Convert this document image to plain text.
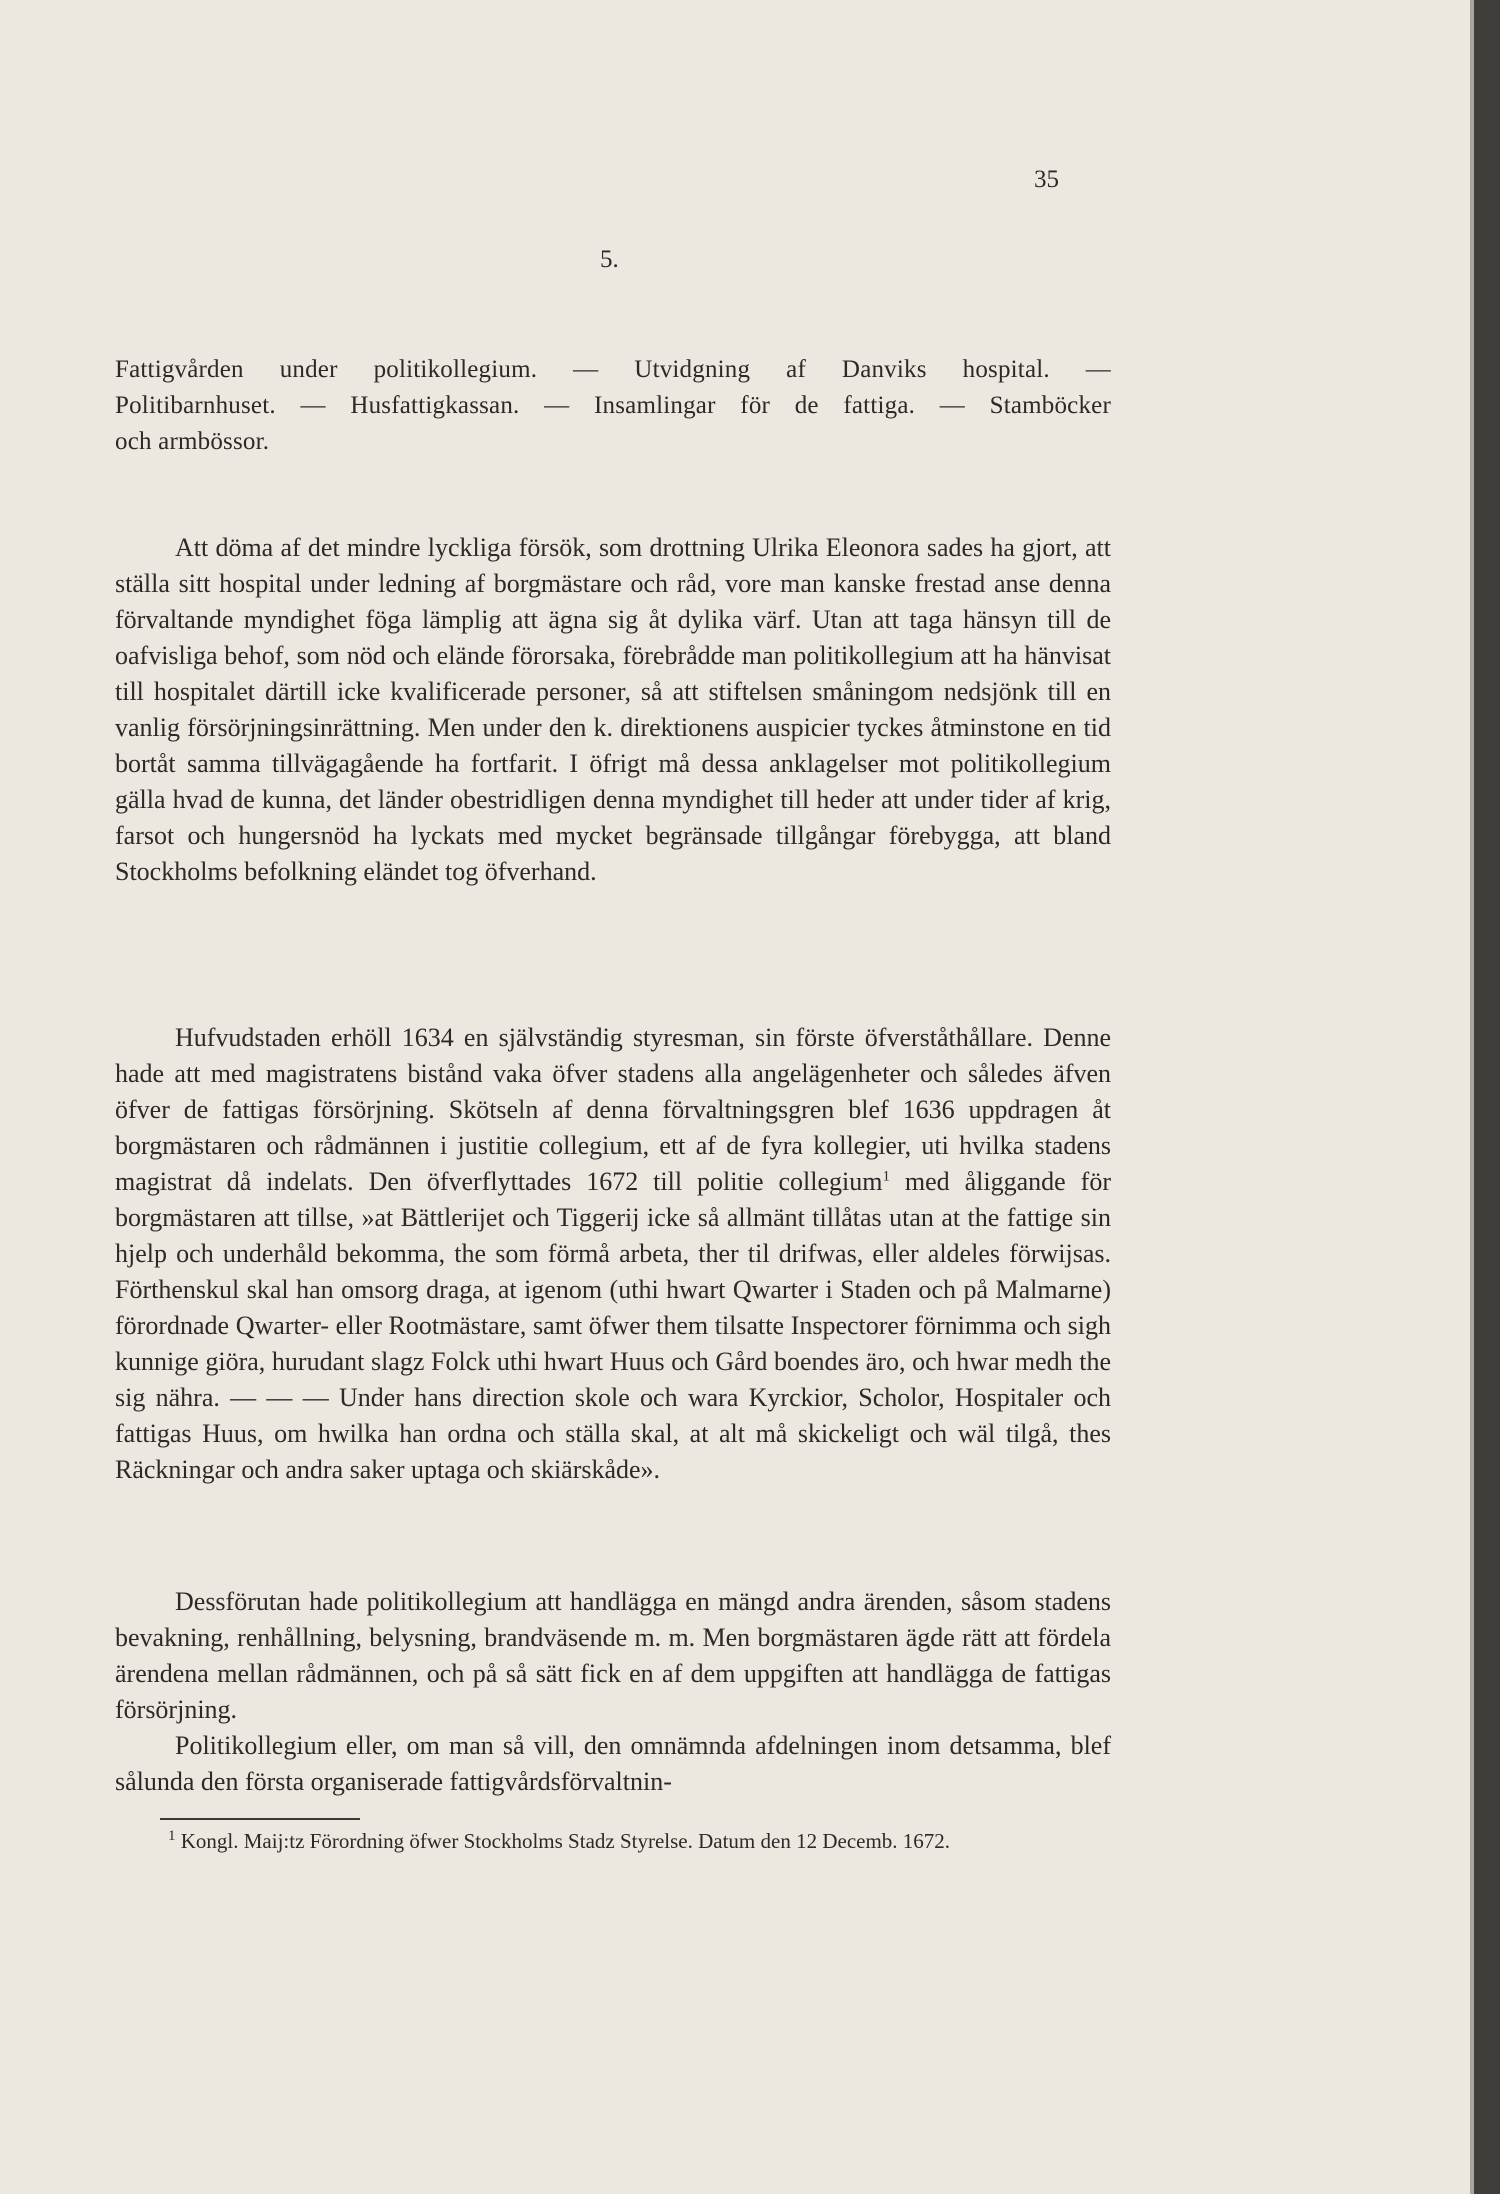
35
5.
Fattigvården under politikollegium. — Utvidgning af Danviks hospital. —
Politibarnhuset. — Husfattigkassan. — Insamlingar för de fattiga. — Stamböcker
och armbössor.

Att döma af det mindre lyckliga försök, som drottning Ulrika Eleonora sades ha gjort, att ställa sitt hospital under ledning af borgmästare och råd, vore man kanske frestad anse denna förvaltande myndighet föga lämplig att ägna sig åt dylika värf. Utan att taga hänsyn till de oafvisliga behof, som nöd och elände förorsaka, förebrådde man politikollegium att ha hänvisat till hospitalet därtill icke kvalificerade personer, så att stiftelsen småningom nedsjönk till en vanlig försörjningsinrättning. Men under den k. direktionens auspicier tyckes åtminstone en tid bortåt samma tillvägagående ha fortfarit. I öfrigt må dessa anklagelser mot politikollegium gälla hvad de kunna, det länder obestridligen denna myndighet till heder att under tider af krig, farsot och hungersnöd ha lyckats med mycket begränsade tillgångar förebygga, att bland Stockholms befolkning eländet tog öfverhand.

Hufvudstaden erhöll 1634 en självständig styresman, sin förste öfverståthållare. Denne hade att med magistratens bistånd vaka öfver stadens alla angelägenheter och således äfven öfver de fattigas försörjning. Skötseln af denna förvaltningsgren blef 1636 uppdragen åt borgmästaren och rådmännen i justitie collegium, ett af de fyra kollegier, uti hvilka stadens magistrat då indelats. Den öfverflyttades 1672 till politie collegium$^1$ med åliggande för borgmästaren att tillse, »at Bättlerijet och Tiggerij icke så allmänt tillåtas utan at the fattige sin hjelp och underhåld bekomma, the som förmå arbeta, ther til drifwas, eller aldeles förwijsas. Förthenskul skal han omsorg draga, at igenom (uthi hwart Qwarter i Staden och på Malmarne) förordnade Qwarter- eller Rootmästare, samt öfwer them tilsatte Inspectorer förnimma och sigh kunnige giöra, hurudant slagz Folck uthi hwart Huus och Gård boendes äro, och hwar medh the sig nähra. — — — Under hans direction skole och wara Kyrckior, Scholor, Hospitaler och fattigas Huus, om hwilka han ordna och ställa skal, at alt må skickeligt och wäl tilgå, thes Räckningar och andra saker uptaga och skiärskåde».

Dessförutan hade politikollegium att handlägga en mängd andra ärenden, såsom stadens bevakning, renhållning, belysning, brandväsende m. m. Men borgmästaren ägde rätt att fördela ärendena mellan rådmännen, och på så sätt fick en af dem uppgiften att handlägga de fattigas försörjning.

Politikollegium eller, om man så vill, den omnämnda afdelningen inom detsamma, blef sålunda den första organiserade fattigvårdsförvaltnin-

$^1$ Kongl. Maij:tz Förordning öfwer Stockholms Stadz Styrelse. Datum den 12 Decemb. 1672.
